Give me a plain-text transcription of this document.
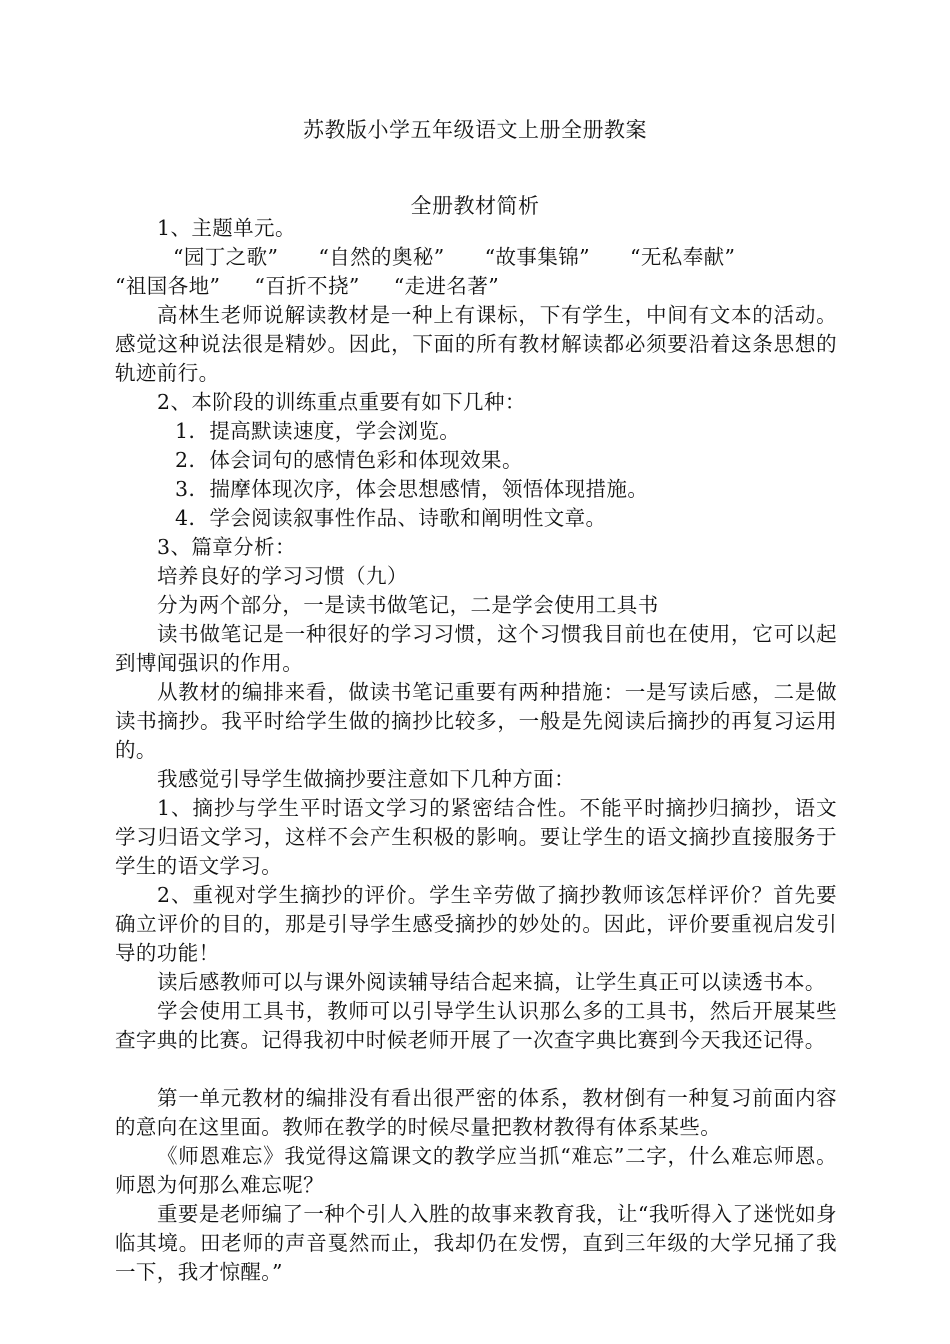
苏教版小学五年级语文上册全册教案
全册教材简析

1、主题单元。

“园丁之歌” “自然的奥秘” “故事集锦” “无私奉献”
“祖国各地” “百折不挠” “走进名著”

高林生老师说解读教材是一种上有课标，下有学生，中间有文本的活动。感觉这种说法很是精妙。因此，下面的所有教材解读都必须要沿着这条思想的轨迹前行。

2、本阶段的训练重点重要有如下几种：

1．提高默读速度，学会浏览。
2．体会词句的感情色彩和体现效果。
3．揣摩体现次序，体会思想感情，领悟体现措施。
4．学会阅读叙事性作品、诗歌和阐明性文章。

3、篇章分析：

培养良好的学习习惯（九）

分为两个部分，一是读书做笔记，二是学会使用工具书

读书做笔记是一种很好的学习习惯，这个习惯我目前也在使用，它可以起到博闻强识的作用。

从教材的编排来看，做读书笔记重要有两种措施：一是写读后感，二是做读书摘抄。我平时给学生做的摘抄比较多，一般是先阅读后摘抄的再复习运用的。

我感觉引导学生做摘抄要注意如下几种方面：

1、摘抄与学生平时语文学习的紧密结合性。不能平时摘抄归摘抄，语文学习归语文学习，这样不会产生积极的影响。要让学生的语文摘抄直接服务于学生的语文学习。

2、重视对学生摘抄的评价。学生辛劳做了摘抄教师该怎样评价？首先要确立评价的目的，那是引导学生感受摘抄的妙处的。因此，评价要重视启发引导的功能！

读后感教师可以与课外阅读辅导结合起来搞，让学生真正可以读透书本。

学会使用工具书，教师可以引导学生认识那么多的工具书，然后开展某些查字典的比赛。记得我初中时候老师开展了一次查字典比赛到今天我还记得。

第一单元教材的编排没有看出很严密的体系，教材倒有一种复习前面内容的意向在这里面。教师在教学的时候尽量把教材教得有体系某些。

《师恩难忘》我觉得这篇课文的教学应当抓“难忘”二字，什么难忘师恩。师恩为何那么难忘呢？

重要是老师编了一种个引人入胜的故事来教育我，让“我听得入了迷恍如身临其境。田老师的声音戛然而止，我却仍在发愣，直到三年级的大学兄捅了我一下，我才惊醒。”
